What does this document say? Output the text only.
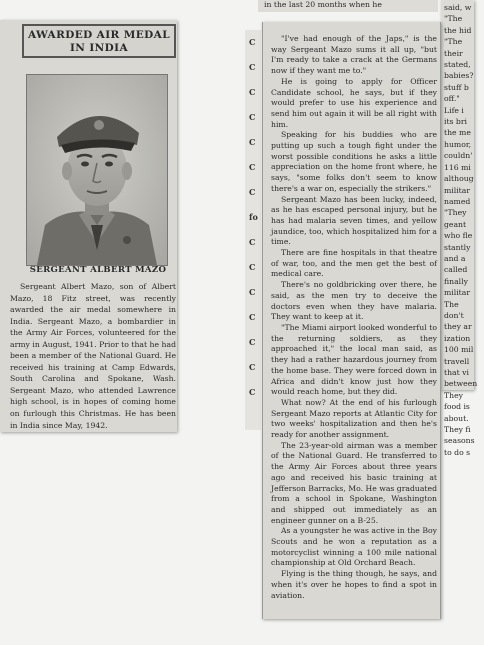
in the last 20 months when he
C
C
C
C
C
C
C
fo
C
C
C
C
C
C
C
said, w
"The
the hid
"The
their
stated,
babies?
stuff b
off."
Life i
its bri
the me
humor,
couldn'
116 mi
althoug
militar
named
"They
geant
who fle
stantly
and a
called
finally
militar
The
don't
they ar
ization
100 mil
travell
that vi
between
They
food is
about.
They fi
seasons
to do s
AWARDED AIR MEDAL
IN INDIA
SERGEANT ALBERT MAZO
Sergeant Albert Mazo, son of Albert Mazo, 18 Fitz street, was recently awarded the air medal somewhere in India. Sergeant Mazo, a bombardier in the Army Air Forces, volunteered for the army in August, 1941. Prior to that he had been a member of the National Guard. He received his training at Camp Edwards, South Carolina and Spokane, Wash. Sergeant Mazo, who attended Lawrence high school, is in hopes of coming home on furlough this Christmas. He has been in India since May, 1942.

"I've had enough of the Japs," is the way Sergeant Mazo sums it all up, "but I'm ready to take a crack at the Germans now if they want me to."

He is going to apply for Officer Candidate school, he says, but if they would prefer to use his experience and send him out again it will be all right with him.

Speaking for his buddies who are putting up such a tough fight under the worst possible conditions he asks a little appreciation on the home front where, he says, "some folks don't seem to know there's a war on, especially the strikers."

Sergeant Mazo has been lucky, indeed, as he has escaped personal injury, but he has had malaria seven times, and yellow jaundice, too, which hospitalized him for a time.

There are fine hospitals in that theatre of war, too, and the men get the best of medical care.

There's no goldbricking over there, he said, as the men try to deceive the doctors even when they have malaria. They want to keep at it.

"The Miami airport looked wonderful to the returning soldiers, as they approached it," the local man said, as they had a rather hazardous journey from the home base. They were forced down in Africa and didn't know just how they would reach home, but they did.

What now? At the end of his furlough Sergeant Mazo reports at Atlantic City for two weeks' hospitalization and then he's ready for another assignment.

The 23-year-old airman was a member of the National Guard. He transferred to the Army Air Forces about three years ago and received his basic training at Jefferson Barracks, Mo. He was graduated from a school in Spokane, Washington and shipped out immediately as an engineer gunner on a B-25.

As a youngster he was active in the Boy Scouts and he won a reputation as a motorcyclist winning a 100 mile national championship at Old Orchard Beach.

Flying is the thing though, he says, and when it's over he hopes to find a spot in aviation.
